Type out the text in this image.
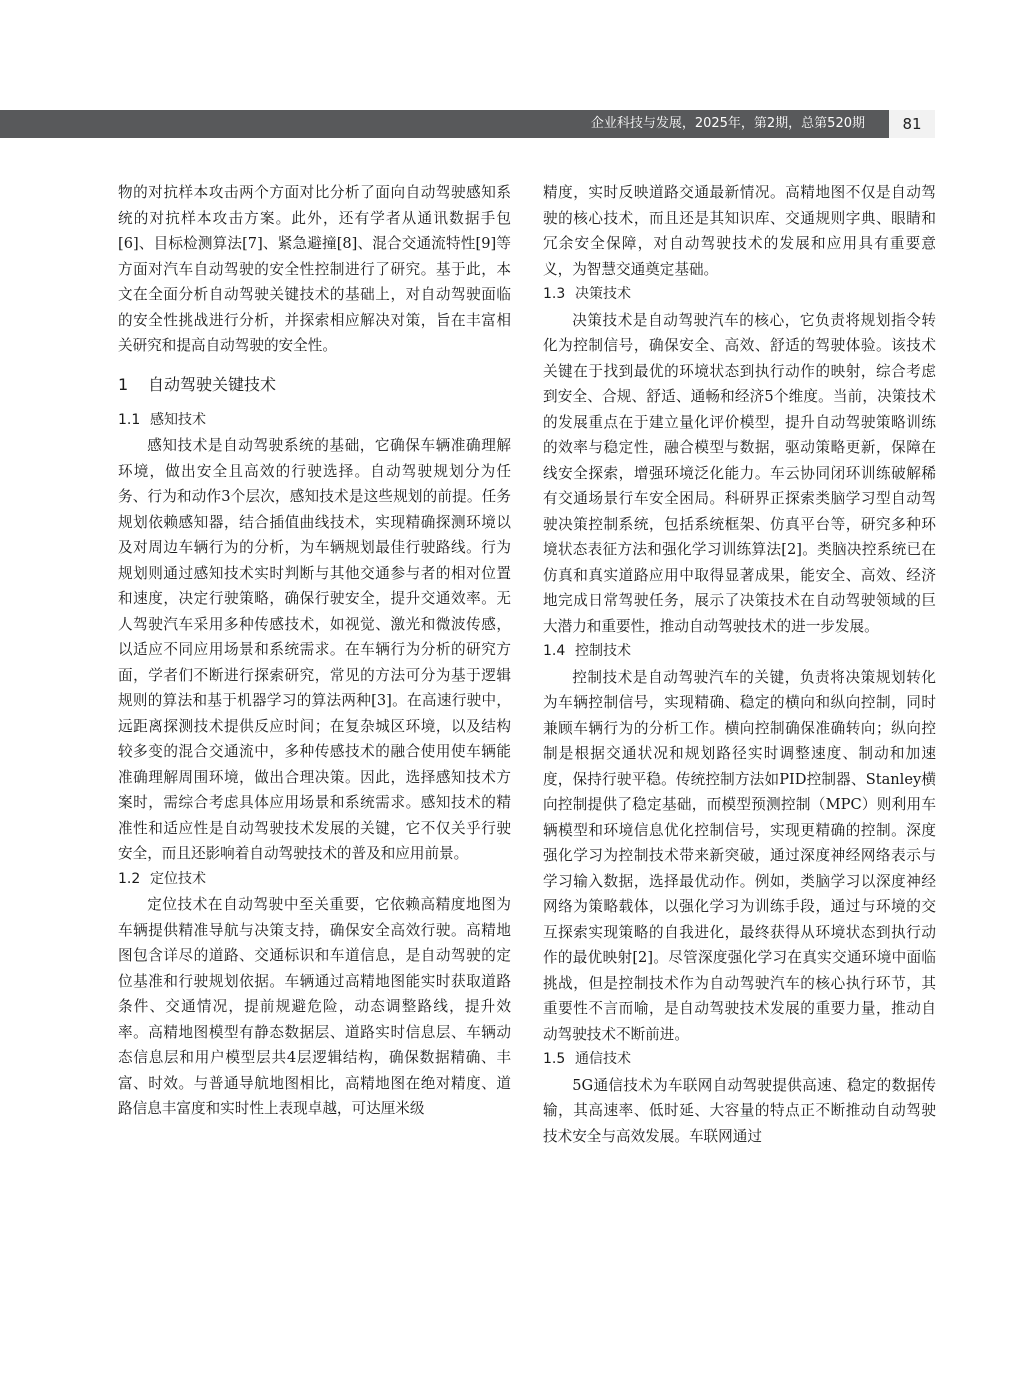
企业科技与发展，2025年，第2期，总第520期	81

物的对抗样本攻击两个方面对比分析了面向自动驾驶感知系统的对抗样本攻击方案。此外，还有学者从通讯数据手包[6]、目标检测算法[7]、紧急避撞[8]、混合交通流特性[9]等方面对汽车自动驾驶的安全性控制进行了研究。基于此，本文在全面分析自动驾驶关键技术的基础上，对自动驾驶面临的安全性挑战进行分析，并探索相应解决对策，旨在丰富相关研究和提高自动驾驶的安全性。

1 自动驾驶关键技术
1.1 感知技术

感知技术是自动驾驶系统的基础，它确保车辆准确理解环境，做出安全且高效的行驶选择。自动驾驶规划分为任务、行为和动作3个层次，感知技术是这些规划的前提。任务规划依赖感知器，结合插值曲线技术，实现精确探测环境以及对周边车辆行为的分析，为车辆规划最佳行驶路线。行为规划则通过感知技术实时判断与其他交通参与者的相对位置和速度，决定行驶策略，确保行驶安全，提升交通效率。无人驾驶汽车采用多种传感技术，如视觉、激光和微波传感，以适应不同应用场景和系统需求。在车辆行为分析的研究方面，学者们不断进行探索研究，常见的方法可分为基于逻辑规则的算法和基于机器学习的算法两种[3]。在高速行驶中，远距离探测技术提供反应时间；在复杂城区环境，以及结构较多变的混合交通流中，多种传感技术的融合使用使车辆能准确理解周围环境，做出合理决策。因此，选择感知技术方案时，需综合考虑具体应用场景和系统需求。感知技术的精准性和适应性是自动驾驶技术发展的关键，它不仅关乎行驶安全，而且还影响着自动驾驶技术的普及和应用前景。

1.2 定位技术

定位技术在自动驾驶中至关重要，它依赖高精度地图为车辆提供精准导航与决策支持，确保安全高效行驶。高精地图包含详尽的道路、交通标识和车道信息，是自动驾驶的定位基准和行驶规划依据。车辆通过高精地图能实时获取道路条件、交通情况，提前规避危险，动态调整路线，提升效率。高精地图模型有静态数据层、道路实时信息层、车辆动态信息层和用户模型层共4层逻辑结构，确保数据精确、丰富、时效。与普通导航地图相比，高精地图在绝对精度、道路信息丰富度和实时性上表现卓越，可达厘米级

精度，实时反映道路交通最新情况。高精地图不仅是自动驾驶的核心技术，而且还是其知识库、交通规则字典、眼睛和冗余安全保障，对自动驾驶技术的发展和应用具有重要意义，为智慧交通奠定基础。

1.3 决策技术

决策技术是自动驾驶汽车的核心，它负责将规划指令转化为控制信号，确保安全、高效、舒适的驾驶体验。该技术关键在于找到最优的环境状态到执行动作的映射，综合考虑到安全、合规、舒适、通畅和经济5个维度。当前，决策技术的发展重点在于建立量化评价模型，提升自动驾驶策略训练的效率与稳定性，融合模型与数据，驱动策略更新，保障在线安全探索，增强环境泛化能力。车云协同闭环训练破解稀有交通场景行车安全困局。科研界正探索类脑学习型自动驾驶决策控制系统，包括系统框架、仿真平台等，研究多种环境状态表征方法和强化学习训练算法[2]。类脑决控系统已在仿真和真实道路应用中取得显著成果，能安全、高效、经济地完成日常驾驶任务，展示了决策技术在自动驾驶领域的巨大潜力和重要性，推动自动驾驶技术的进一步发展。

1.4 控制技术

控制技术是自动驾驶汽车的关键，负责将决策规划转化为车辆控制信号，实现精确、稳定的横向和纵向控制，同时兼顾车辆行为的分析工作。横向控制确保准确转向；纵向控制是根据交通状况和规划路径实时调整速度、制动和加速度，保持行驶平稳。传统控制方法如PID控制器、Stanley横向控制提供了稳定基础，而模型预测控制（MPC）则利用车辆模型和环境信息优化控制信号，实现更精确的控制。深度强化学习为控制技术带来新突破，通过深度神经网络表示与学习输入数据，选择最优动作。例如，类脑学习以深度神经网络为策略载体，以强化学习为训练手段，通过与环境的交互探索实现策略的自我进化，最终获得从环境状态到执行动作的最优映射[2]。尽管深度强化学习在真实交通环境中面临挑战，但是控制技术作为自动驾驶汽车的核心执行环节，其重要性不言而喻，是自动驾驶技术发展的重要力量，推动自动驾驶技术不断前进。

1.5 通信技术

5G通信技术为车联网自动驾驶提供高速、稳定的数据传输，其高速率、低时延、大容量的特点正不断推动自动驾驶技术安全与高效发展。车联网通过
